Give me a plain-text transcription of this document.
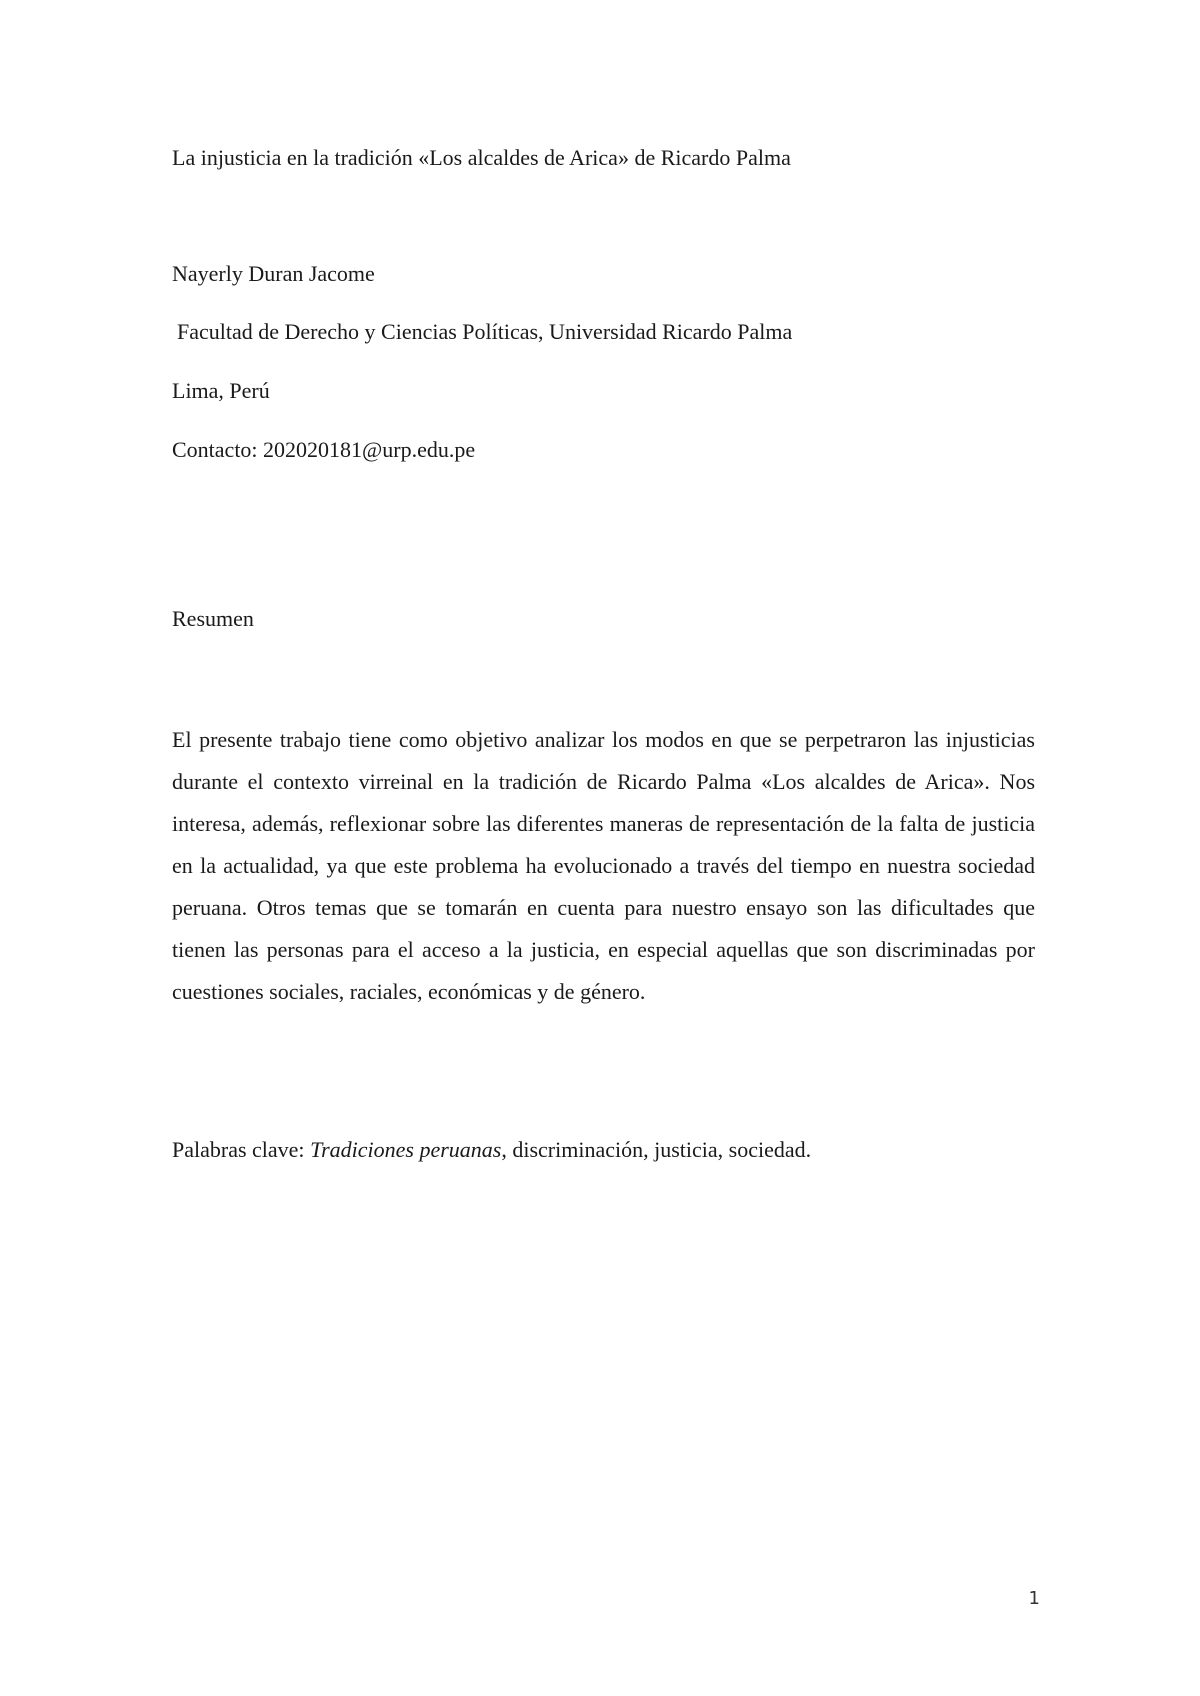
La injusticia en la tradición «Los alcaldes de Arica» de Ricardo Palma
Nayerly Duran Jacome
Facultad de Derecho y Ciencias Políticas, Universidad Ricardo Palma
Lima, Perú
Contacto: 202020181@urp.edu.pe
Resumen
El presente trabajo tiene como objetivo analizar los modos en que se perpetraron las injusticias durante el contexto virreinal en la tradición de Ricardo Palma «Los alcaldes de Arica». Nos interesa, además, reflexionar sobre las diferentes maneras de representación de la falta de justicia en la actualidad, ya que este problema ha evolucionado a través del tiempo en nuestra sociedad peruana. Otros temas que se tomarán en cuenta para nuestro ensayo son las dificultades que tienen las personas para el acceso a la justicia, en especial aquellas que son discriminadas por cuestiones sociales, raciales, económicas y de género.
Palabras clave: Tradiciones peruanas, discriminación, justicia, sociedad.
1
